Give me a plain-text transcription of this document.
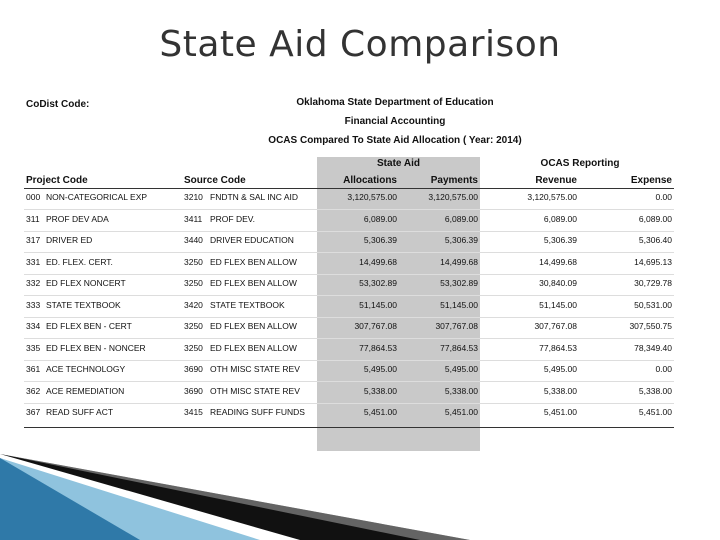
State Aid Comparison
CoDist Code:	Oklahoma State Department of Education
Financial Accounting
OCAS Compared To State Aid Allocation ( Year: 2014)
State Aid	OCAS Reporting
Project Code	Source Code	Allocations	Payments	Revenue	Expense
000 NON-CATEGORICAL EXP	3210 FNDTN & SAL INC AID	3,120,575.00	3,120,575.00	3,120,575.00	0.00
311 PROF DEV ADA	3411 PROF DEV.	6,089.00	6,089.00	6,089.00	6,089.00
317 DRIVER ED	3440 DRIVER EDUCATION	5,306.39	5,306.39	5,306.39	5,306.40
331 ED. FLEX. CERT.	3250 ED FLEX BEN ALLOW	14,499.68	14,499.68	14,499.68	14,695.13
332 ED FLEX NONCERT	3250 ED FLEX BEN ALLOW	53,302.89	53,302.89	30,840.09	30,729.78
333 STATE TEXTBOOK	3420 STATE TEXTBOOK	51,145.00	51,145.00	51,145.00	50,531.00
334 ED FLEX BEN - CERT	3250 ED FLEX BEN ALLOW	307,767.08	307,767.08	307,767.08	307,550.75
335 ED FLEX BEN - NONCER	3250 ED FLEX BEN ALLOW	77,864.53	77,864.53	77,864.53	78,349.40
361 ACE TECHNOLOGY	3690 OTH MISC STATE REV	5,495.00	5,495.00	5,495.00	0.00
362 ACE REMEDIATION	3690 OTH MISC STATE REV	5,338.00	5,338.00	5,338.00	5,338.00
367 READ SUFF ACT	3415 READING SUFF FUNDS	5,451.00	5,451.00	5,451.00	5,451.00
